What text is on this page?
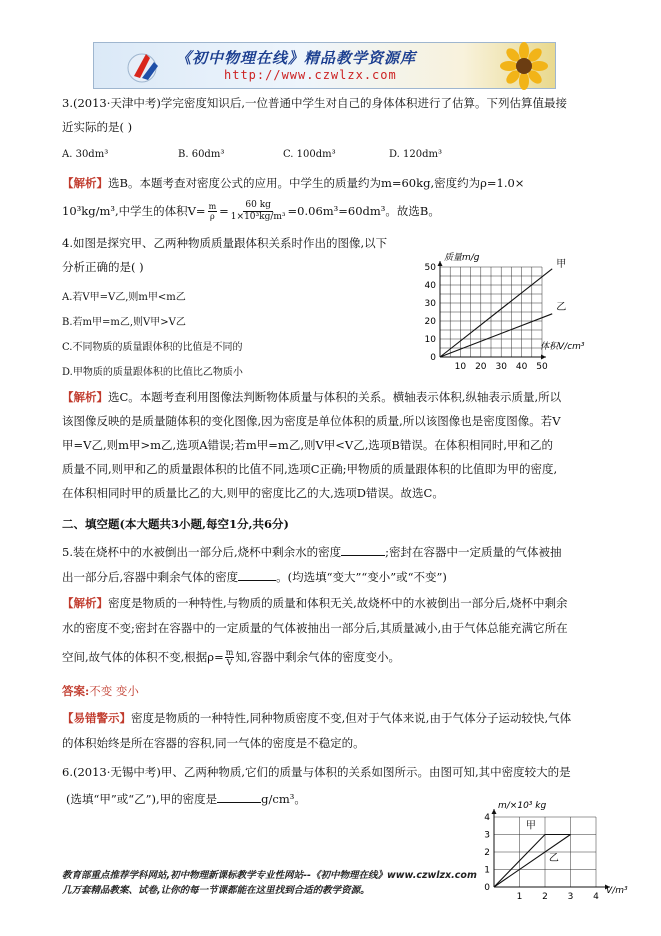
《初中物理在线》精品教学资源库
http://www.czwlzx.com
3.(2013·天津中考)学完密度知识后,一位普通中学生对自己的身体体积进行了估算。下列估算值最接
近实际的是( )
A. 30dm³	B. 60dm³	C. 100dm³	D. 120dm³
【解析】选B。本题考查对密度公式的应用。中学生的质量约为m=60kg,密度约为ρ=1.0×
10³kg/m³,中学生的体积$V= \frac{m}{\rho} = \frac{60 kg}{\text{1×10³kg/m³}} =0.06m^3=60dm^3$。故选B。
4.如图是探究甲、乙两种物质质量跟体积关系时作出的图像,以下
分析正确的是( )
A.若V甲=V乙,则m甲<m乙
B.若m甲=m乙,则V甲>V乙
C.不同物质的质量跟体积的比值是不同的
D.甲物质的质量跟体积的比值比乙物质小	10 20 30 40 50
0
10
20
30
40
50
质量m/g
体积V/cm³
甲
乙
【解析】选C。本题考查利用图像法判断物体质量与体积的关系。横轴表示体积,纵轴表示质量,所以
该图像反映的是质量随体积的变化图像,因为密度是单位体积的质量,所以该图像也是密度图像。若V
甲=V乙,则m甲>m乙,选项A错误;若m甲=m乙,则V甲<V乙,选项B错误。在体积相同时,甲和乙的
质量不同,则甲和乙的质量跟体积的比值不同,选项C正确;甲物质的质量跟体积的比值即为甲的密度,
在体积相同时甲的质量比乙的大,则甲的密度比乙的大,选项D错误。故选C。
二、填空题(本大题共3小题,每空1分,共6分)
5.装在烧杯中的水被倒出一部分后,烧杯中剩余水的密度	;密封在容器中一定质量的气体被抽
出一部分后,容器中剩余气体的密度	。(均选填“变大”“变小”或“不变”)
【解析】密度是物质的一种特性,与物质的质量和体积无关,故烧杯中的水被倒出一部分后,烧杯中剩余
水的密度不变;密封在容器中的一定质量的气体被抽出一部分后,其质量减小,由于气体总能充满它所在
空间,故气体的体积不变,根据$\rho= \frac{m}{V}$ 知,容器中剩余气体的密度变小。
答案:不变 变小
【易错警示】密度是物质的一种特性,同种物质密度不变,但对于气体来说,由于气体分子运动较快,气体
的体积始终是所在容器的容积,同一气体的密度是不稳定的。
6.(2013·无锡中考)甲、乙两种物质,它们的质量与体积的关系如图所示。由图可知,其中密度较大的是
(选填“甲”或“乙”),甲的密度是	g/cm³。
1 2 3 4
0
1
2
3
4
m/×10³ kg
V/m³
甲
乙
教育部重点推荐学科网站,初中物理新课标教学专业性网站--《初中物理在线》www.czwlzx.com
几万套精品教案、试卷,让你的每一节课都能在这里找到合适的教学资源。
